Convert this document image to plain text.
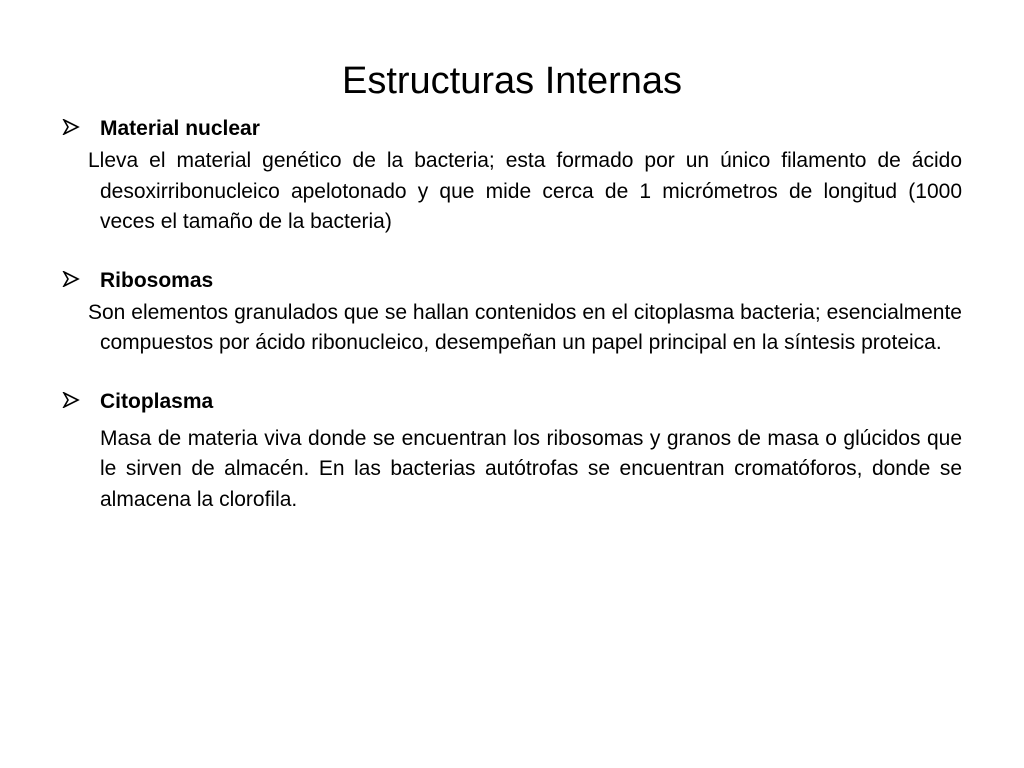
Estructuras Internas
Material nuclear
Lleva el material genético de la bacteria; esta formado por un único filamento de ácido desoxirribonucleico apelotonado y que mide cerca de 1 micrómetros de longitud (1000 veces el tamaño de la bacteria)
Ribosomas
Son elementos granulados que se hallan contenidos en el citoplasma bacteria; esencialmente compuestos por ácido ribonucleico, desempeñan un papel principal en la síntesis proteica.
Citoplasma
Masa de materia viva donde se encuentran los ribosomas y granos de masa o glúcidos que le sirven de almacén. En las bacterias autótrofas se encuentran cromatóforos, donde se almacena la clorofila.
